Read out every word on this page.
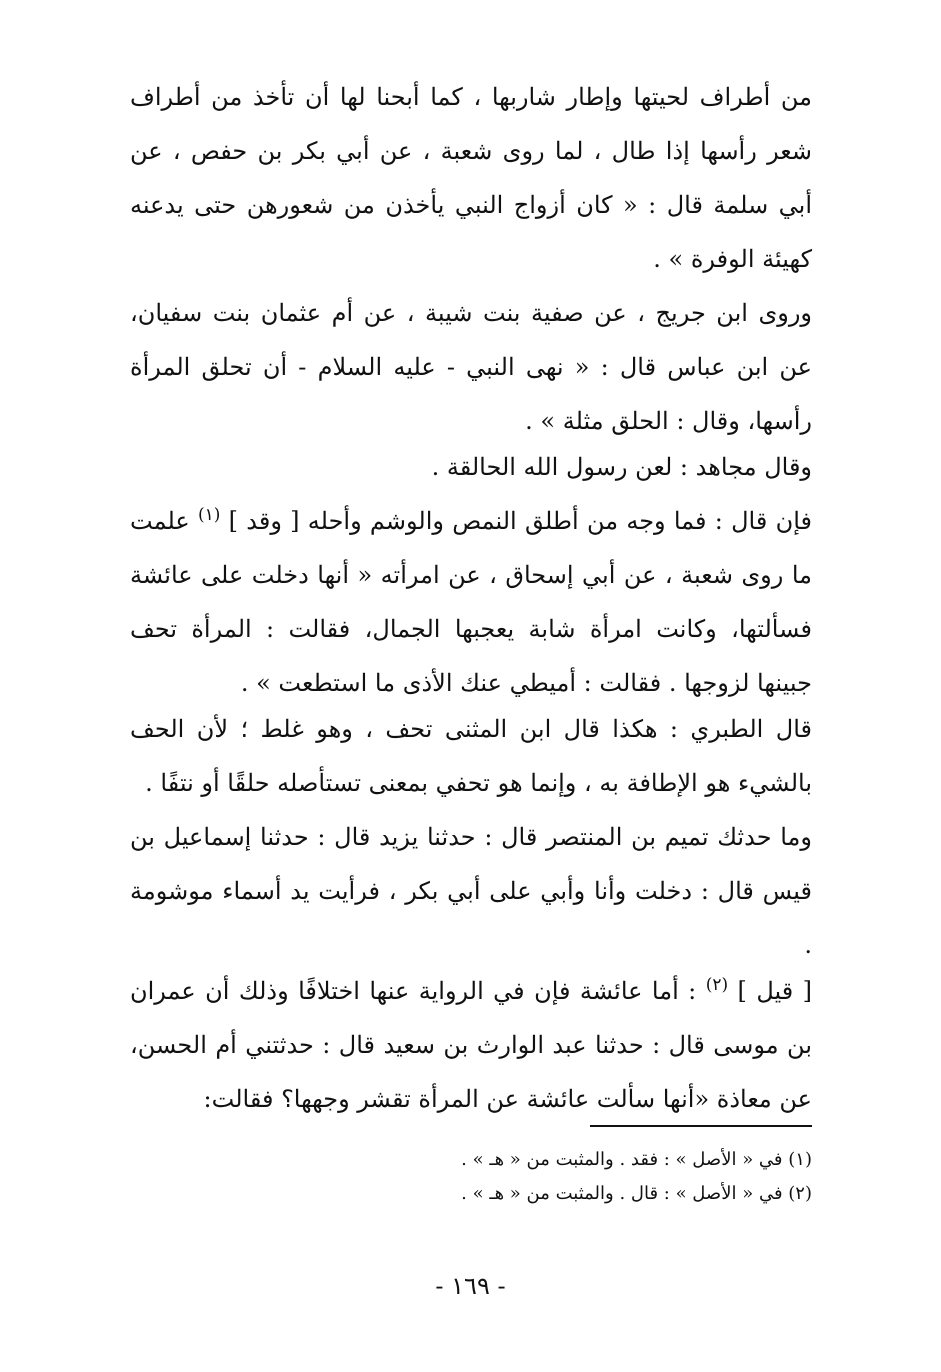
من أطراف لحيتها وإطار شاربها ، كما أبحنا لها أن تأخذ من أطراف شعر رأسها إذا طال ، لما روى شعبة ، عن أبي بكر بن حفص ، عن أبي سلمة قال : « كان أزواج النبي يأخذن من شعورهن حتى يدعنه كهيئة الوفرة » .

وروى ابن جريج ، عن صفية بنت شيبة ، عن أم عثمان بنت سفيان، عن ابن عباس قال : « نهى النبي - عليه السلام - أن تحلق المرأة رأسها، وقال : الحلق مثلة » .

وقال مجاهد : لعن رسول الله الحالقة .

فإن قال : فما وجه من أطلق النمص والوشم وأحله [ وقد ] $^{(١)}$ علمت ما روى شعبة ، عن أبي إسحاق ، عن امرأته « أنها دخلت على عائشة فسألتها، وكانت امرأة شابة يعجبها الجمال، فقالت : المرأة تحف جبينها لزوجها . فقالت : أميطي عنك الأذى ما استطعت » .

قال الطبري : هكذا قال ابن المثنى تحف ، وهو غلط ؛ لأن الحف بالشيء هو الإطافة به ، وإنما هو تحفي بمعنى تستأصله حلقًا أو نتفًا .

وما حدثك تميم بن المنتصر قال : حدثنا يزيد قال : حدثنا إسماعيل بن قيس قال : دخلت وأنا وأبي على أبي بكر ، فرأيت يد أسماء موشومة .

[ قيل ] $^{(٢)}$ : أما عائشة فإن في الرواية عنها اختلافًا وذلك أن عمران بن موسى قال : حدثنا عبد الوارث بن سعيد قال : حدثتني أم الحسن، عن معاذة «أنها سألت عائشة عن المرأة تقشر وجهها؟ فقالت:

(١) في « الأصل » : فقد . والمثبت من « هـ » .

(٢) في « الأصل » : قال . والمثبت من « هـ » .

- ١٦٩ -
